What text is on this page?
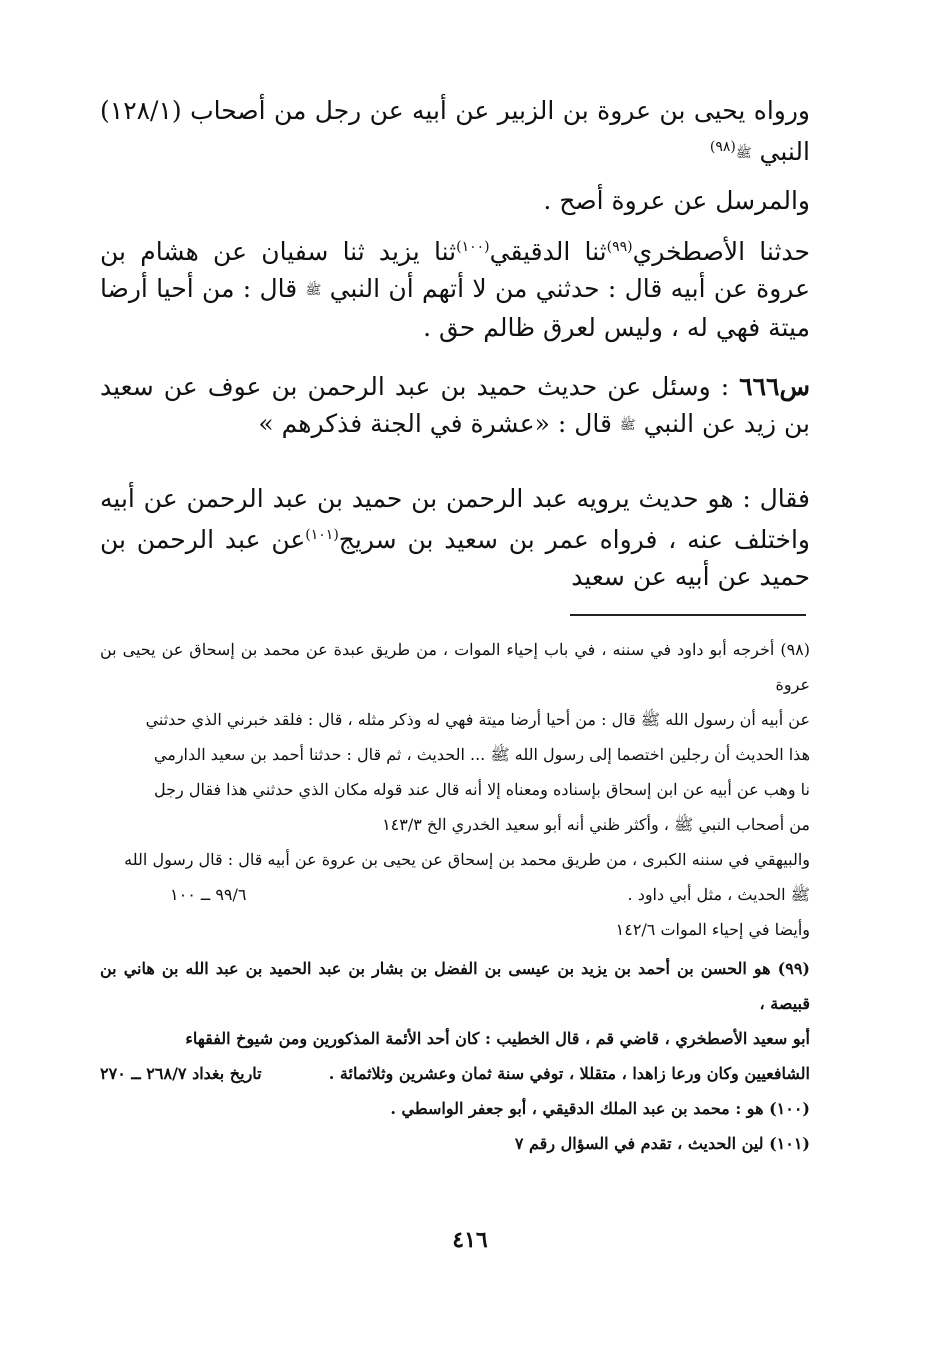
ورواه يحيى بن عروة بن الزبير عن أبيه عن رجل من أصحاب (١٢٨/١) النبي ﷺ$^{(٩٨)}$

والمرسل عن عروة أصح .

حدثنا الأصطخري$^{(٩٩)}$ثنا الدقيقي$^{(١٠٠)}$ثنا يزيد ثنا سفيان عن هشام بن عروة عن أبيه قال : حدثني من لا أتهم أن النبي ﷺ قال : من أحيا أرضا ميتة فهي له ، وليس لعرق ظالم حق .

س٦٦٦ : وسئل عن حديث حميد بن عبد الرحمن بن عوف عن سعيد بن زيد عن النبي ﷺ قال : «عشرة في الجنة فذكرهم »

فقال : هو حديث يرويه عبد الرحمن بن حميد بن عبد الرحمن عن أبيه واختلف عنه ، فرواه عمر بن سعيد بن سريج$^{(١٠١)}$عن عبد الرحمن بن حميد عن أبيه عن سعيد

(٩٨) أخرجه أبو داود في سننه ، في باب إحياء الموات ، من طريق عبدة عن محمد بن إسحاق عن يحيى بن عروة

عن أبيه أن رسول الله ﷺ قال : من أحيا أرضا ميتة فهي له وذكر مثله ، قال : فلقد خبرني الذي حدثني

هذا الحديث أن رجلين اختصما إلى رسول الله ﷺ ... الحديث ، ثم قال : حدثنا أحمد بن سعيد الدارمي

نا وهب عن أبيه عن ابن إسحاق بإسناده ومعناه إلا أنه قال عند قوله مكان الذي حدثني هذا فقال رجل

من أصحاب النبي ﷺ ، وأكثر ظني أنه أبو سعيد الخدري الخ ١٤٣/٣

والبيهقي في سننه الكبرى ، من طريق محمد بن إسحاق عن يحيى بن عروة عن أبيه قال : قال رسول الله

ﷺ الحديث ، مثل أبي داود .
٩٩/٦ ــ ١٠٠

وأيضا في إحياء الموات ١٤٢/٦

(٩٩) هو الحسن بن أحمد بن يزيد بن عيسى بن الفضل بن بشار بن عبد الحميد بن عبد الله بن هاني بن قبيصة ،

أبو سعيد الأصطخري ، قاضي قم ، قال الخطيب : كان أحد الأئمة المذكورين ومن شيوخ الفقهاء

الشافعيين وكان ورعا زاهدا ، متقللا ، توفي سنة ثمان وعشرين وثلاثمائة .
تاريخ بغداد ٢٦٨/٧ ــ ٢٧٠

(١٠٠) هو : محمد بن عبد الملك الدقيقي ، أبو جعفر الواسطي .

(١٠١) لين الحديث ، تقدم في السؤال رقم ٧

٤١٦
